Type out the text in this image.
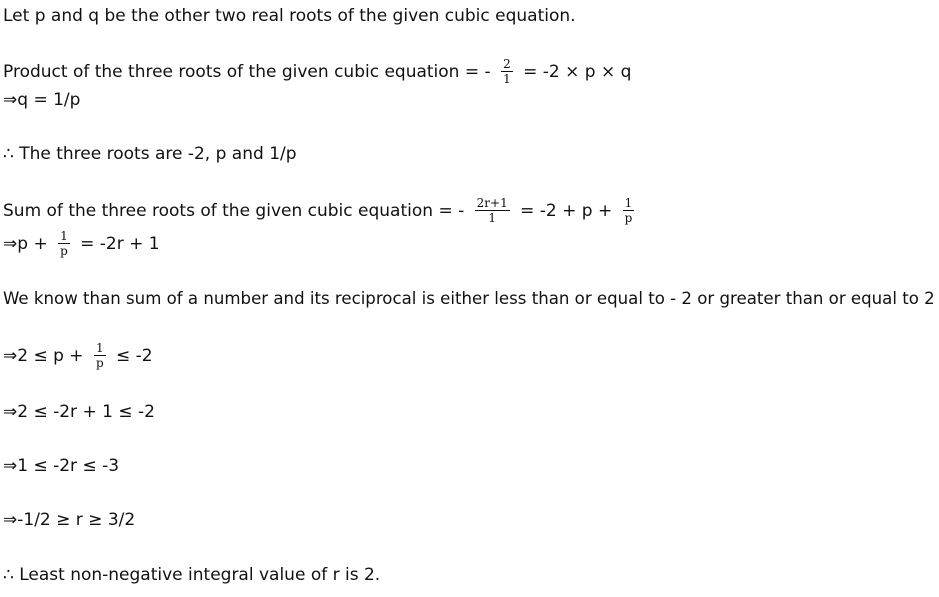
Let p and q be the other two real roots of the given cubic equation.
Product of the three roots of the given cubic equation = - $\frac{2}{1} = -2 \times p \times q$
⇒q = 1/p
∴ The three roots are -2, p and 1/p
Sum of the three roots of the given cubic equation = - $\frac{2r+1}{1} = -2 + p + \frac{1}{p}$
⇒p + $\frac{1}{p} = -2r + 1$
We know than sum of a number and its reciprocal is either less than or equal to - 2 or greater than or equal to 2
⇒2 ≤ $p + \frac{1}{p} \le -2$
⇒2 ≤ -2r + 1 ≤ -2
⇒1 ≤ -2r ≤ -3
⇒-1/2 ≥ r ≥ 3/2
∴ Least non-negative integral value of r is 2.
